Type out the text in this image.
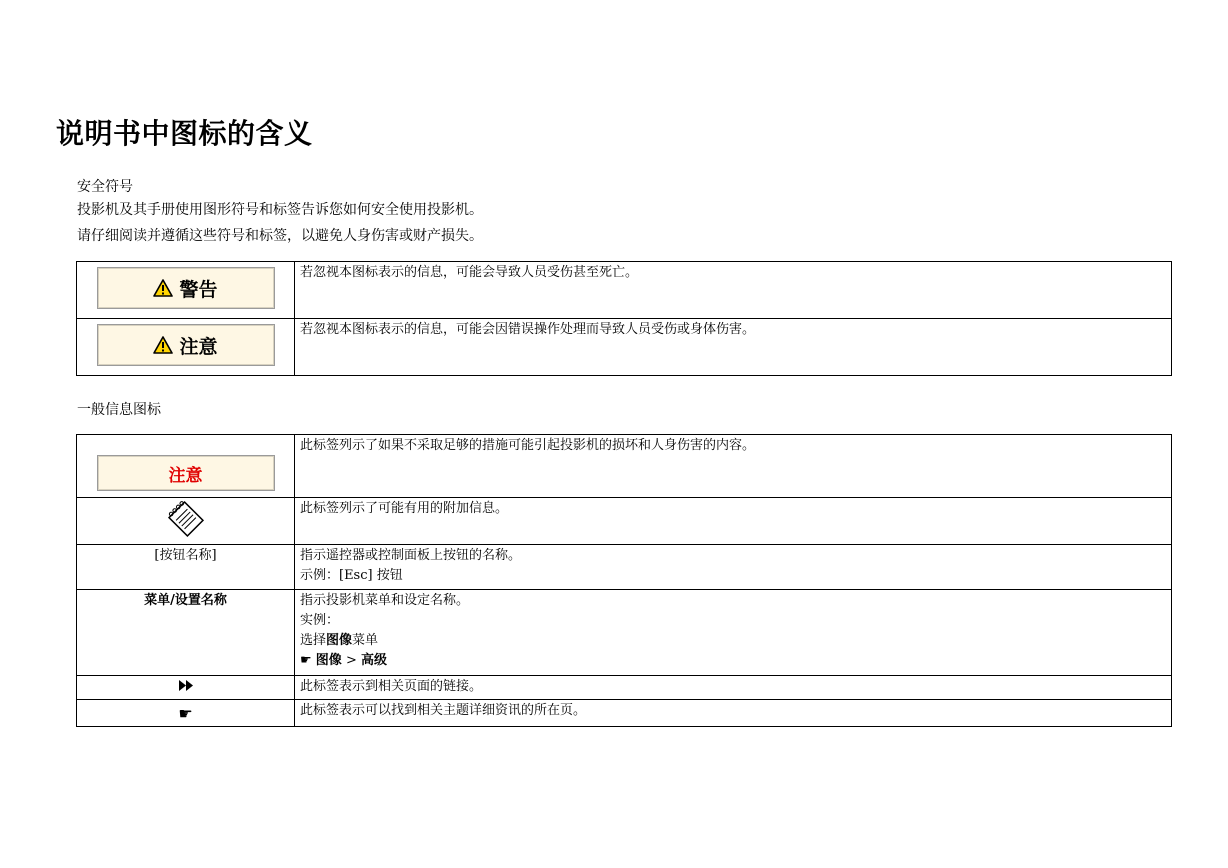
说明书中图标的含义
安全符号
投影机及其手册使用图形符号和标签告诉您如何安全使用投影机。
请仔细阅读并遵循这些符号和标签，以避免人身伤害或财产损失。
警告	若忽视本图标表示的信息，可能会导致人员受伤甚至死亡。

注意	若忽视本图标表示的信息，可能会因错误操作处理而导致人员受伤或身体伤害。
一般信息图标
注意	此标签列示了如果不采取足够的措施可能引起投影机的损坏和人身伤害的内容。
	此标签列示了可能有用的附加信息。

[按钮名称]	指示遥控器或控制面板上按钮的名称。
示例：[Esc] 按钮

菜单/设置名称	指示投影机菜单和设定名称。
实例：
选择图像菜单
☛ 图像 > 高级

	此标签表示到相关页面的链接。
☛	此标签表示可以找到相关主题详细资讯的所在页。
